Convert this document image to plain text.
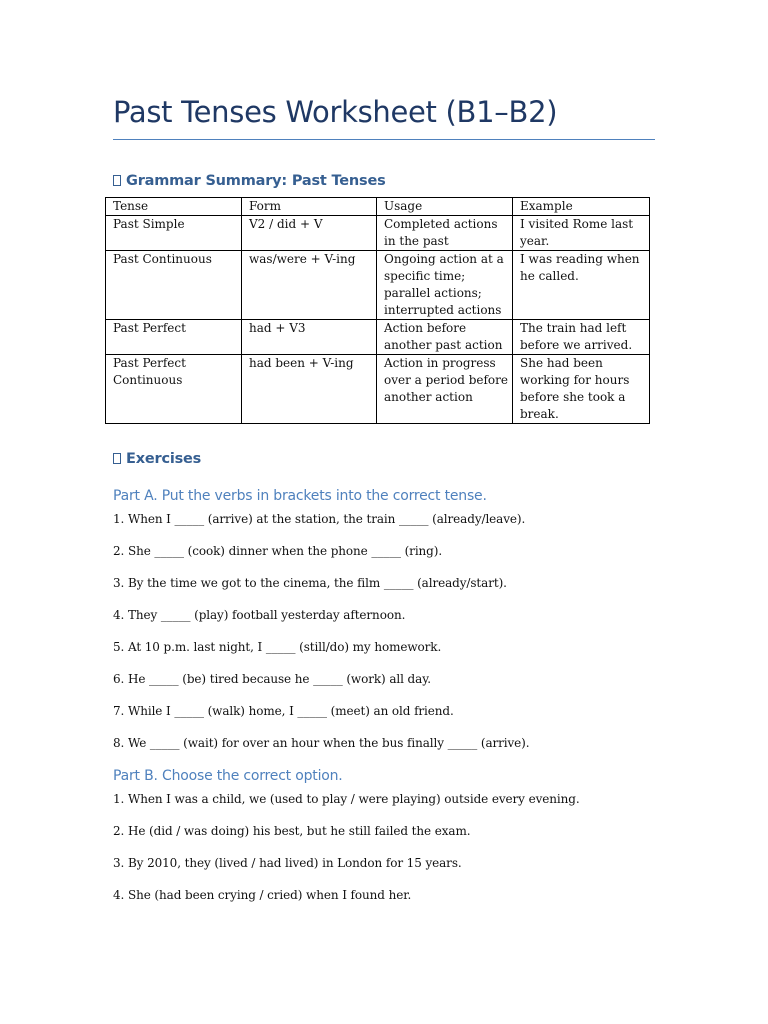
Past Tenses Worksheet (B1–B2)
Grammar Summary: Past Tenses
Tense	Form	Usage	Example
Past Simple	V2 / did + V	Completed actions in the past	I visited Rome last year.
Past Continuous	was/were + V-ing	Ongoing action at a specific time; parallel actions; interrupted actions	I was reading when he called.
Past Perfect	had + V3	Action before another past action	The train had left before we arrived.
Past Perfect Continuous	had been + V-ing	Action in progress over a period before another action	She had been working for hours before she took a break.
Exercises
Part A. Put the verbs in brackets into the correct tense.
1. When I _____ (arrive) at the station, the train _____ (already/leave).
2. She _____ (cook) dinner when the phone _____ (ring).
3. By the time we got to the cinema, the film _____ (already/start).
4. They _____ (play) football yesterday afternoon.
5. At 10 p.m. last night, I _____ (still/do) my homework.
6. He _____ (be) tired because he _____ (work) all day.
7. While I _____ (walk) home, I _____ (meet) an old friend.
8. We _____ (wait) for over an hour when the bus finally _____ (arrive).
Part B. Choose the correct option.
1. When I was a child, we (used to play / were playing) outside every evening.
2. He (did / was doing) his best, but he still failed the exam.
3. By 2010, they (lived / had lived) in London for 15 years.
4. She (had been crying / cried) when I found her.
